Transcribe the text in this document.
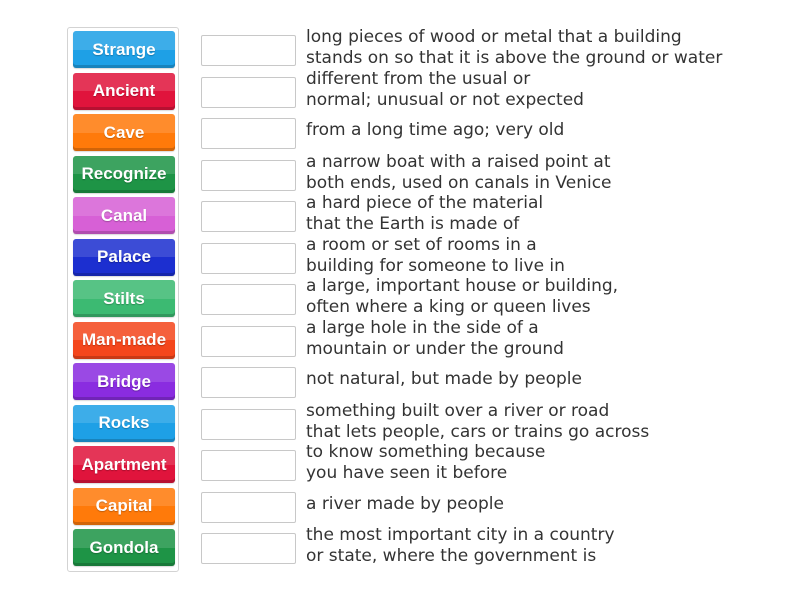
Strange
Ancient
Cave
Recognize
Canal
Palace
Stilts
Man-made
Bridge
Rocks
Apartment
Capital
Gondola
long pieces of wood or metal that a building
stands on so that it is above the ground or water
different from the usual or
normal; unusual or not expected
from a long time ago; very old
a narrow boat with a raised point at
both ends, used on canals in Venice
a hard piece of the material
that the Earth is made of
a room or set of rooms in a
building for someone to live in
a large, important house or building,
often where a king or queen lives
a large hole in the side of a
mountain or under the ground
not natural, but made by people
something built over a river or road
that lets people, cars or trains go across
to know something because
you have seen it before
a river made by people
the most important city in a country
or state, where the government is
